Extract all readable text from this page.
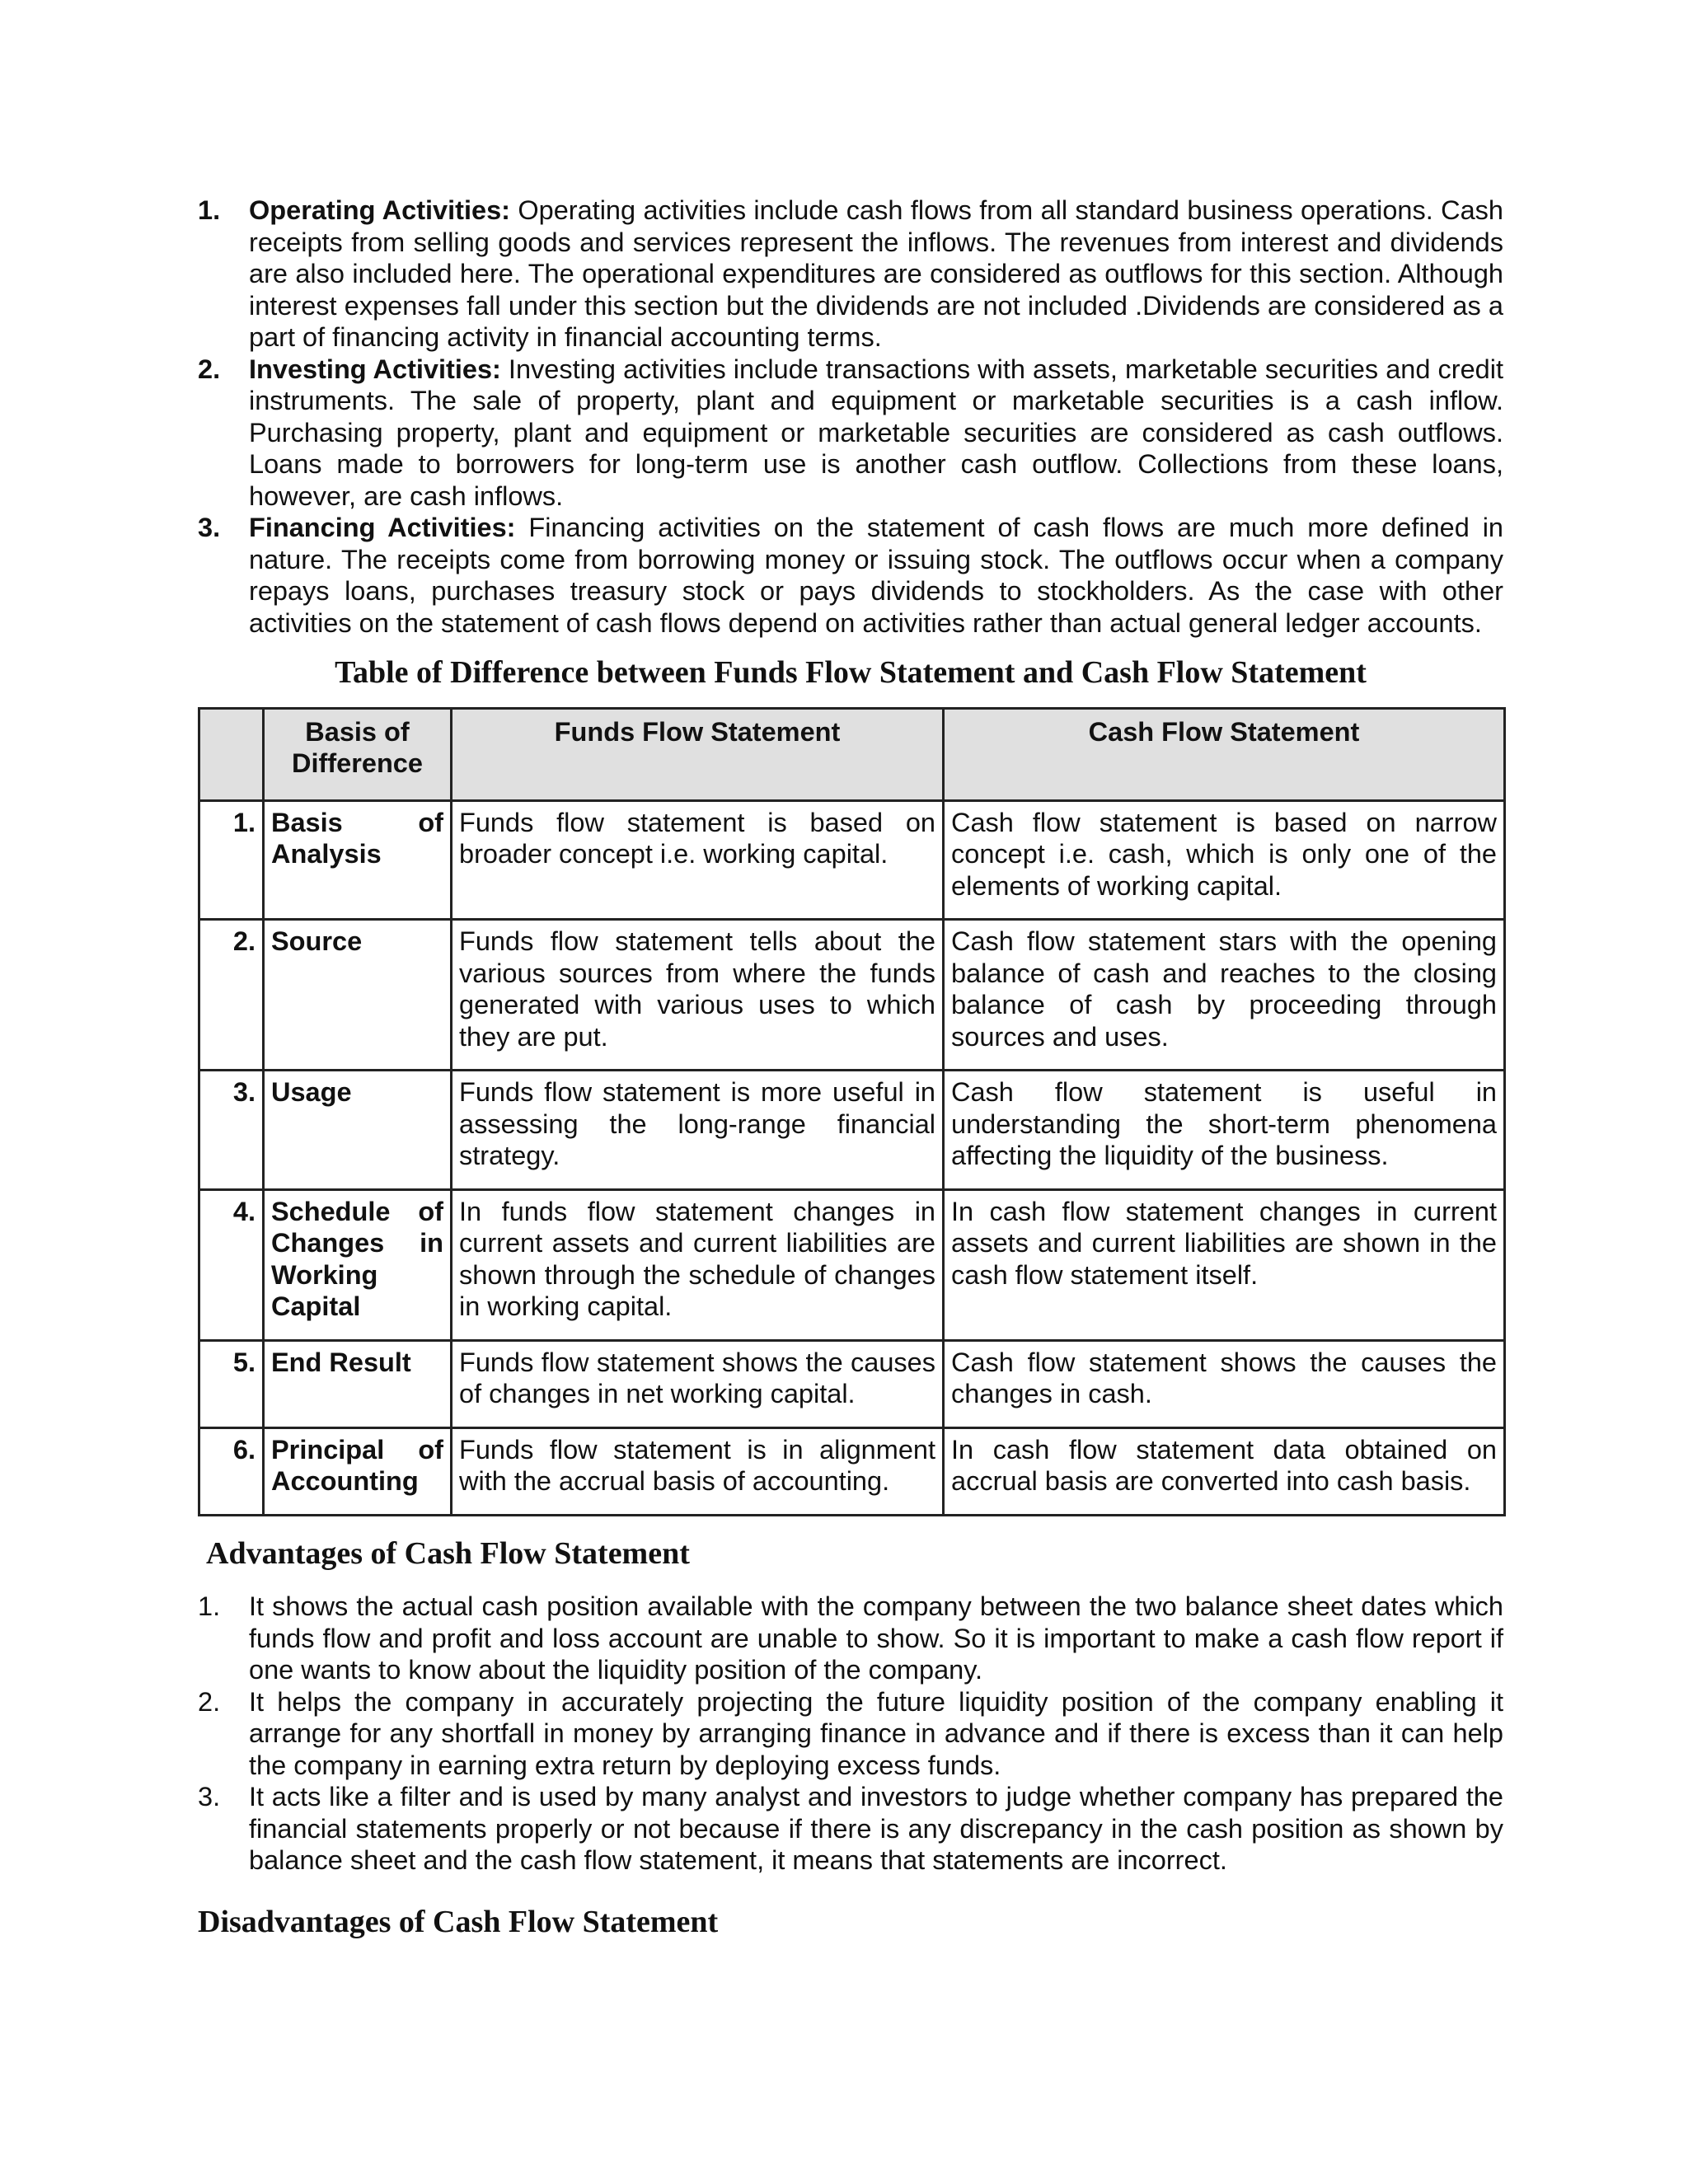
1. Operating Activities: Operating activities include cash flows from all standard business operations. Cash receipts from selling goods and services represent the inflows. The revenues from interest and dividends are also included here. The operational expenditures are considered as outflows for this section. Although interest expenses fall under this section but the dividends are not included .Dividends are considered as a part of financing activity in financial accounting terms.
2. Investing Activities: Investing activities include transactions with assets, marketable securities and credit instruments. The sale of property, plant and equipment or marketable securities is a cash inflow. Purchasing property, plant and equipment or marketable securities are considered as cash outflows. Loans made to borrowers for long-term use is another cash outflow. Collections from these loans, however, are cash inflows.
3. Financing Activities: Financing activities on the statement of cash flows are much more defined in nature. The receipts come from borrowing money or issuing stock. The outflows occur when a company repays loans, purchases treasury stock or pays dividends to stockholders. As the case with other activities on the statement of cash flows depend on activities rather than actual general ledger accounts.
Table of Difference between Funds Flow Statement and Cash Flow Statement
	Basis of Difference	Funds Flow Statement	Cash Flow Statement
1.	Basis of Analysis	Funds flow statement is based on broader concept i.e. working capital.	Cash flow statement is based on narrow concept i.e. cash, which is only one of the elements of working capital.
2.	Source	Funds flow statement tells about the various sources from where the funds generated with various uses to which they are put.	Cash flow statement stars with the opening balance of cash and reaches to the closing balance of cash by proceeding through sources and uses.
3.	Usage	Funds flow statement is more useful in assessing the long-range financial strategy.	Cash flow statement is useful in understanding the short-term phenomena affecting the liquidity of the business.
4.	Schedule of Changes in Working Capital	In funds flow statement changes in current assets and current liabilities are shown through the schedule of changes in working capital.	In cash flow statement changes in current assets and current liabilities are shown in the cash flow statement itself.
5.	End Result	Funds flow statement shows the causes of changes in net working capital.	Cash flow statement shows the causes the changes in cash.
6.	Principal of Accounting	Funds flow statement is in alignment with the accrual basis of accounting.	In cash flow statement data obtained on accrual basis are converted into cash basis.
Advantages of Cash Flow Statement
1. It shows the actual cash position available with the company between the two balance sheet dates which funds flow and profit and loss account are unable to show. So it is important to make a cash flow report if one wants to know about the liquidity position of the company.
2. It helps the company in accurately projecting the future liquidity position of the company enabling it arrange for any shortfall in money by arranging finance in advance and if there is excess than it can help the company in earning extra return by deploying excess funds.
3. It acts like a filter and is used by many analyst and investors to judge whether company has prepared the financial statements properly or not because if there is any discrepancy in the cash position as shown by balance sheet and the cash flow statement, it means that statements are incorrect.
Disadvantages of Cash Flow Statement
